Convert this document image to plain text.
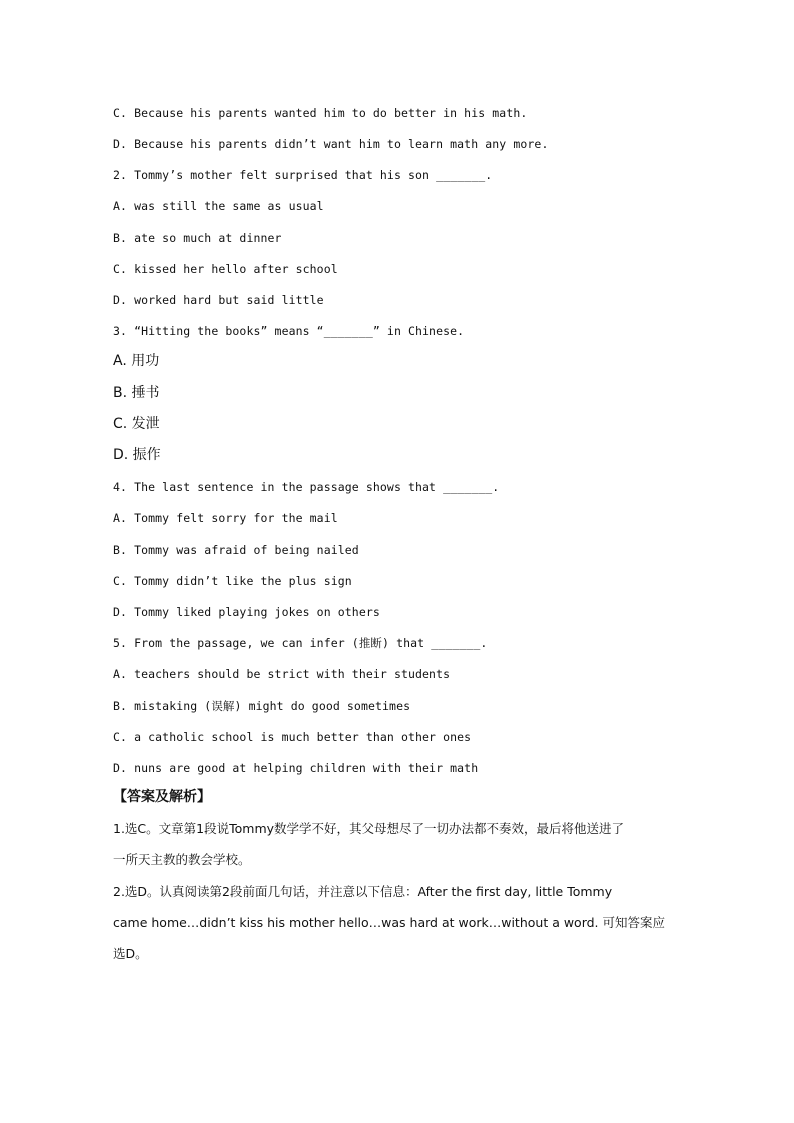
C. Because his parents wanted him to do better in his math.
D. Because his parents didn’t want him to learn math any more.
2. Tommy’s mother felt surprised that his son _______.
A. was still the same as usual
B. ate so much at dinner
C. kissed her hello after school
D. worked hard but said little
3. “Hitting the books” means “_______” in Chinese.
A. 用功
B. 捶书
C. 发泄
D. 振作
4. The last sentence in the passage shows that _______.
A. Tommy felt sorry for the mail
B. Tommy was afraid of being nailed
C. Tommy didn’t like the plus sign
D. Tommy liked playing jokes on others
5. From the passage, we can infer (推断) that _______.
A. teachers should be strict with their students
B. mistaking (误解) might do good sometimes
C. a catholic school is much better than other ones
D. nuns are good at helping children with their math
【答案及解析】
1.选C。文章第1段说Tommy数学学不好，其父母想尽了一切办法都不奏效，最后将他送进了
一所天主教的教会学校。
2.选D。认真阅读第2段前面几句话，并注意以下信息：After the first day, little Tommy
came home…didn’t kiss his mother hello…was hard at work…without a word. 可知答案应
选D。
